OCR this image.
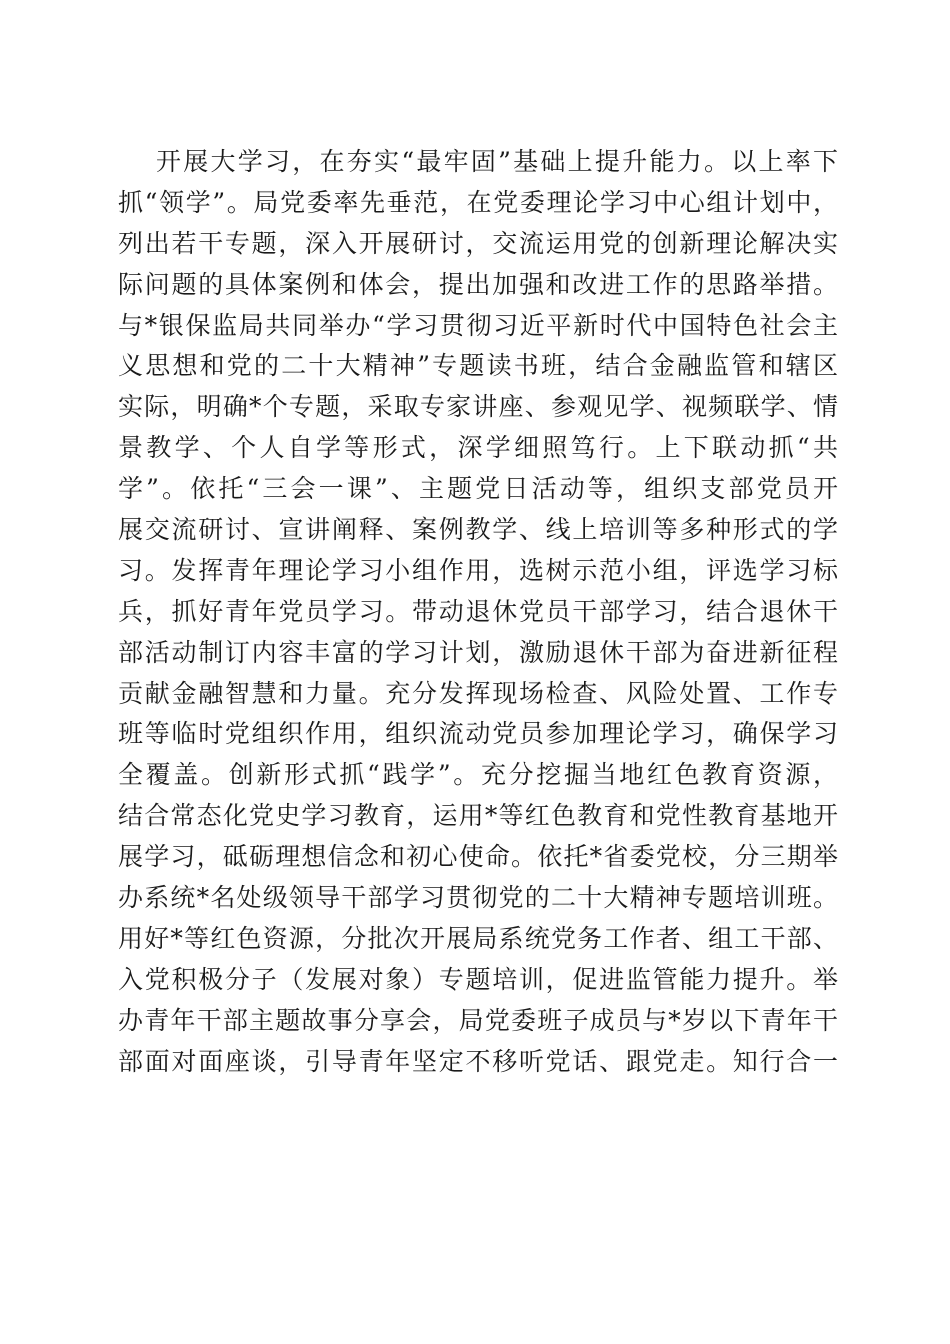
开展大学习，在夯实“最牢固”基础上提升能力。以上率下
抓“领学”。局党委率先垂范，在党委理论学习中心组计划中，
列出若干专题，深入开展研讨，交流运用党的创新理论解决实
际问题的具体案例和体会，提出加强和改进工作的思路举措。
与*银保监局共同举办“学习贯彻习近平新时代中国特色社会主
义思想和党的二十大精神”专题读书班，结合金融监管和辖区
实际，明确*个专题，采取专家讲座、参观见学、视频联学、情
景教学、个人自学等形式，深学细照笃行。上下联动抓“共
学”。依托“三会一课”、主题党日活动等，组织支部党员开
展交流研讨、宣讲阐释、案例教学、线上培训等多种形式的学
习。发挥青年理论学习小组作用，选树示范小组，评选学习标
兵，抓好青年党员学习。带动退休党员干部学习，结合退休干
部活动制订内容丰富的学习计划，激励退休干部为奋进新征程
贡献金融智慧和力量。充分发挥现场检查、风险处置、工作专
班等临时党组织作用，组织流动党员参加理论学习，确保学习
全覆盖。创新形式抓“践学”。充分挖掘当地红色教育资源，
结合常态化党史学习教育，运用*等红色教育和党性教育基地开
展学习，砥砺理想信念和初心使命。依托*省委党校，分三期举
办系统*名处级领导干部学习贯彻党的二十大精神专题培训班。
用好*等红色资源，分批次开展局系统党务工作者、组工干部、
入党积极分子（发展对象）专题培训，促进监管能力提升。举
办青年干部主题故事分享会，局党委班子成员与*岁以下青年干
部面对面座谈，引导青年坚定不移听党话、跟党走。知行合一
